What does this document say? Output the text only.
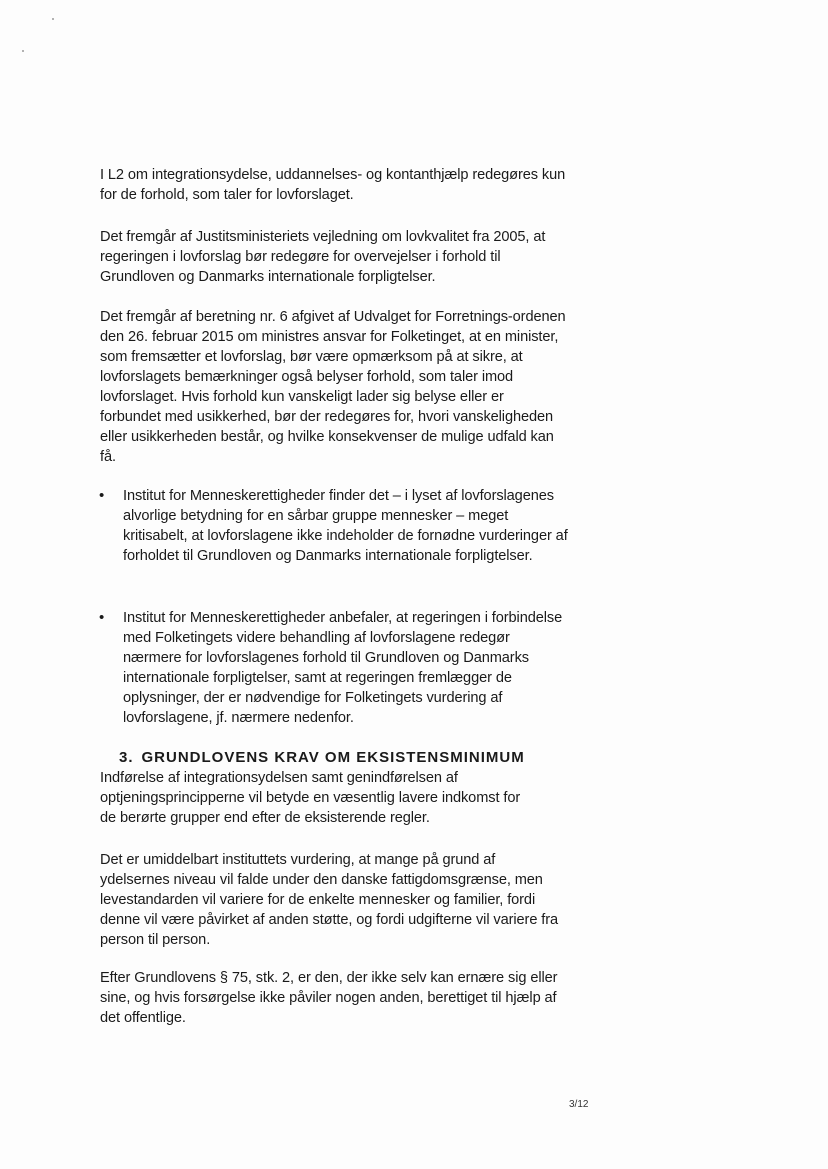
I L2 om integrationsydelse, uddannelses- og kontanthjælp redegøres kun for de forhold, som taler for lovforslaget.

Det fremgår af Justitsministeriets vejledning om lovkvalitet fra 2005, at regeringen i lovforslag bør redegøre for overvejelser i forhold til Grundloven og Danmarks internationale forpligtelser.

Det fremgår af beretning nr. 6 afgivet af Udvalget for Forretnings-ordenen den 26. februar 2015 om ministres ansvar for Folketinget, at en minister, som fremsætter et lovforslag, bør være opmærksom på at sikre, at lovforslagets bemærkninger også belyser forhold, som taler imod lovforslaget. Hvis forhold kun vanskeligt lader sig belyse eller er forbundet med usikkerhed, bør der redegøres for, hvori vanskeligheden eller usikkerheden består, og hvilke konsekvenser de mulige udfald kan få.

•	Institut for Menneskerettigheder finder det – i lyset af lovforslagenes alvorlige betydning for en sårbar gruppe mennesker – meget kritisabelt, at lovforslagene ikke indeholder de fornødne vurderinger af forholdet til Grundloven og Danmarks internationale forpligtelser.
•	Institut for Menneskerettigheder anbefaler, at regeringen i forbindelse med Folketingets videre behandling af lovforslagene redegør nærmere for lovforslagenes forhold til Grundloven og Danmarks internationale forpligtelser, samt at regeringen fremlægger de oplysninger, der er nødvendige for Folketingets vurdering af lovforslagene, jf. nærmere nedenfor.
3. GRUNDLOVENS KRAV OM EKSISTENSMINIMUM

Indførelse af integrationsydelsen samt genindførelsen af optjeningsprincipperne vil betyde en væsentlig lavere indkomst for de berørte grupper end efter de eksisterende regler.

Det er umiddelbart instituttets vurdering, at mange på grund af ydelsernes niveau vil falde under den danske fattigdomsgrænse, men levestandarden vil variere for de enkelte mennesker og familier, fordi denne vil være påvirket af anden støtte, og fordi udgifterne vil variere fra person til person.

Efter Grundlovens § 75, stk. 2, er den, der ikke selv kan ernære sig eller sine, og hvis forsørgelse ikke påviler nogen anden, berettiget til hjælp af det offentlige.

3/12
